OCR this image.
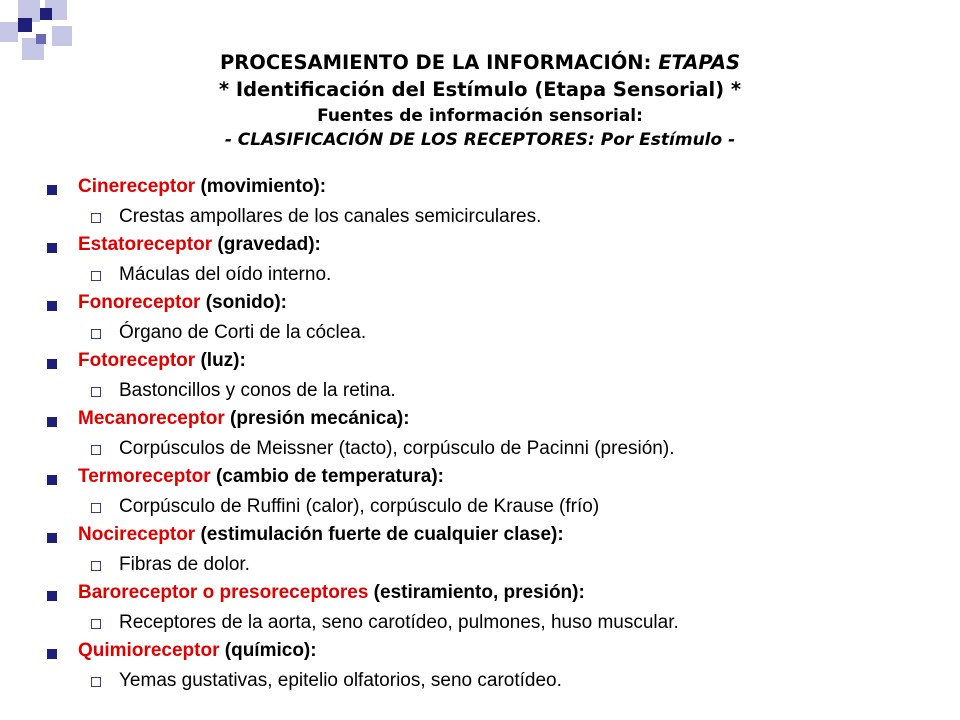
PROCESAMIENTO DE LA INFORMACIÓN: ETAPAS
* Identificación del Estímulo (Etapa Sensorial) *
Fuentes de información sensorial:
- CLASIFICACIÓN DE LOS RECEPTORES: Por Estímulo -
Cinereceptor (movimiento):
Crestas ampollares de los canales semicirculares.
Estatoreceptor (gravedad):
Máculas del oído interno.
Fonoreceptor (sonido):
Órgano de Corti de la cóclea.
Fotoreceptor (luz):
Bastoncillos y conos de la retina.
Mecanoreceptor (presión mecánica):
Corpúsculos de Meissner (tacto), corpúsculo de Pacinni (presión).
Termoreceptor (cambio de temperatura):
Corpúsculo de Ruffini (calor), corpúsculo de Krause (frío)
Nocireceptor (estimulación fuerte de cualquier clase):
Fibras de dolor.
Baroreceptor o presoreceptores (estiramiento, presión):
Receptores de la aorta, seno carotídeo, pulmones, huso muscular.
Quimioreceptor (químico):
Yemas gustativas, epitelio olfatorios, seno carotídeo.
